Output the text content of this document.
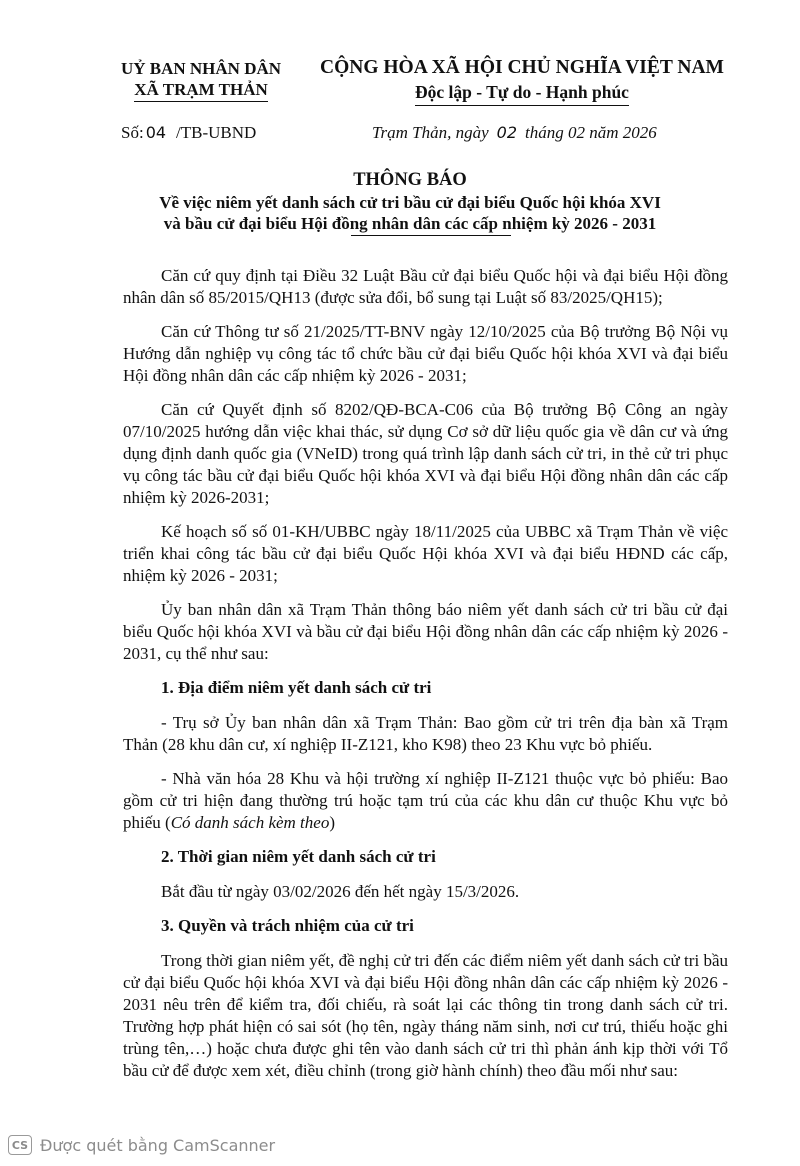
UỶ BAN NHÂN DÂN
XÃ TRẠM THẢN
CỘNG HÒA XÃ HỘI CHỦ NGHĨA VIỆT NAM
Độc lập - Tự do - Hạnh phúc
Số: 04 /TB-UBND	Trạm Thản, ngày 02 tháng 02 năm 2026
THÔNG BÁO
Về việc niêm yết danh sách cử tri bầu cử đại biểu Quốc hội khóa XVI
và bầu cử đại biểu Hội đồng nhân dân các cấp nhiệm kỳ 2026 - 2031

Căn cứ quy định tại Điều 32 Luật Bầu cử đại biểu Quốc hội và đại biểu Hội đồng nhân dân số 85/2015/QH13 (được sửa đổi, bổ sung tại Luật số 83/2025/QH15);

Căn cứ Thông tư số 21/2025/TT-BNV ngày 12/10/2025 của Bộ trưởng Bộ Nội vụ Hướng dẫn nghiệp vụ công tác tổ chức bầu cử đại biểu Quốc hội khóa XVI và đại biểu Hội đồng nhân dân các cấp nhiệm kỳ 2026 - 2031;

Căn cứ Quyết định số 8202/QĐ-BCA-C06 của Bộ trưởng Bộ Công an ngày 07/10/2025 hướng dẫn việc khai thác, sử dụng Cơ sở dữ liệu quốc gia về dân cư và ứng dụng định danh quốc gia (VNeID) trong quá trình lập danh sách cử tri, in thẻ cử tri phục vụ công tác bầu cử đại biểu Quốc hội khóa XVI và đại biểu Hội đồng nhân dân các cấp nhiệm kỳ 2026-2031;

Kế hoạch số số 01-KH/UBBC ngày 18/11/2025 của UBBC xã Trạm Thản về việc triển khai công tác bầu cử đại biểu Quốc Hội khóa XVI và đại biểu HĐND các cấp, nhiệm kỳ 2026 - 2031;

Ủy ban nhân dân xã Trạm Thản thông báo niêm yết danh sách cử tri bầu cử đại biểu Quốc hội khóa XVI và bầu cử đại biểu Hội đồng nhân dân các cấp nhiệm kỳ 2026 - 2031, cụ thể như sau:

1. Địa điểm niêm yết danh sách cử tri

- Trụ sở Ủy ban nhân dân xã Trạm Thản: Bao gồm cử tri trên địa bàn xã Trạm Thản (28 khu dân cư, xí nghiệp II-Z121, kho K98) theo 23 Khu vực bỏ phiếu.

- Nhà văn hóa 28 Khu và hội trường xí nghiệp II-Z121 thuộc vực bỏ phiếu: Bao gồm cử tri hiện đang thường trú hoặc tạm trú của các khu dân cư thuộc Khu vực bỏ phiếu (Có danh sách kèm theo)

2. Thời gian niêm yết danh sách cử tri

Bắt đầu từ ngày 03/02/2026 đến hết ngày 15/3/2026.

3. Quyền và trách nhiệm của cử tri

Trong thời gian niêm yết, đề nghị cử tri đến các điểm niêm yết danh sách cử tri bầu cử đại biểu Quốc hội khóa XVI và đại biểu Hội đồng nhân dân các cấp nhiệm kỳ 2026 - 2031 nêu trên để kiểm tra, đối chiếu, rà soát lại các thông tin trong danh sách cử tri. Trường hợp phát hiện có sai sót (họ tên, ngày tháng năm sinh, nơi cư trú, thiếu hoặc ghi trùng tên,…) hoặc chưa được ghi tên vào danh sách cử tri thì phản ánh kịp thời với Tổ bầu cử để được xem xét, điều chỉnh (trong giờ hành chính) theo đầu mối như sau:

CS Được quét bằng CamScanner
